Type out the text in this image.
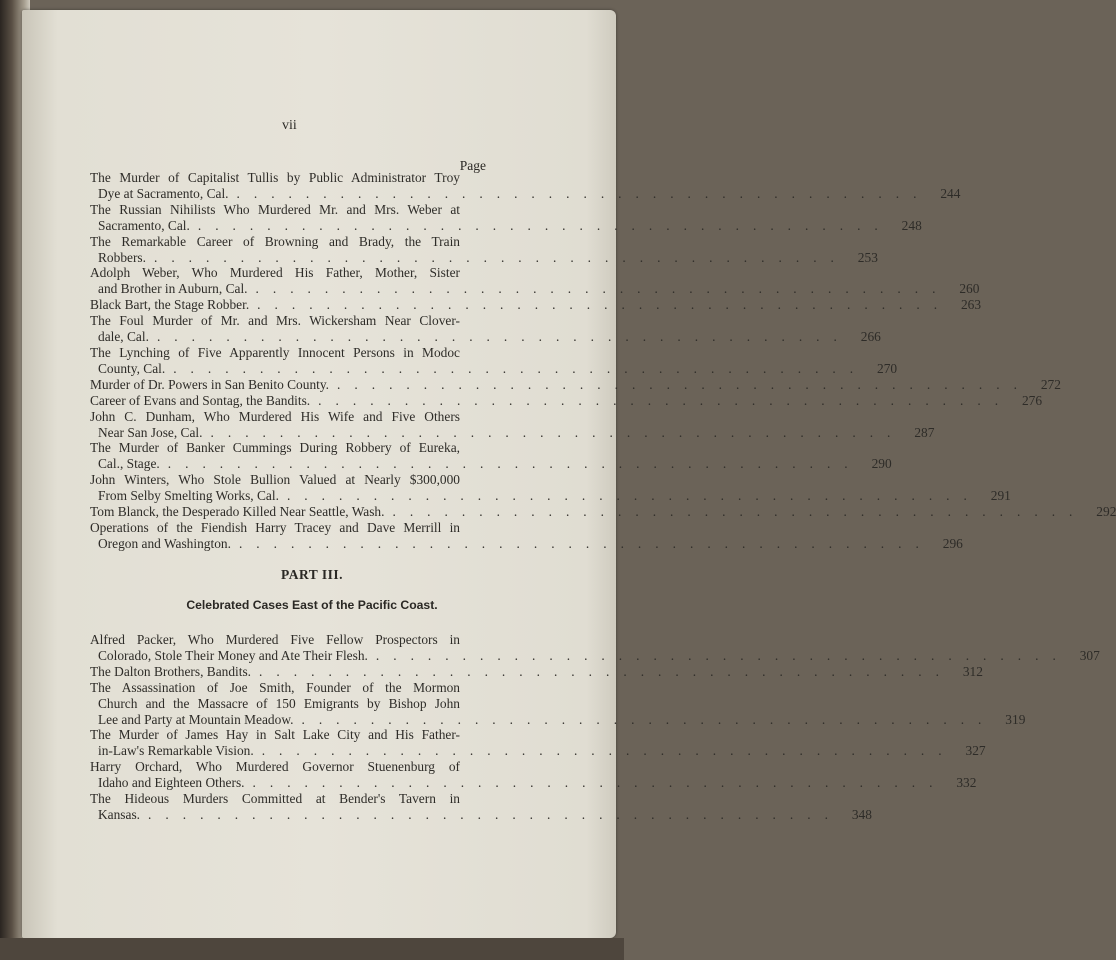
vii
Page
The Murder of Capitalist Tullis by Public Administrator Troy
Dye at Sacramento, Cal. ........................................ 244
The Russian Nihilists Who Murdered Mr. and Mrs. Weber at
Sacramento, Cal. ........................................ 248
The Remarkable Career of Browning and Brady, the Train
Robbers. ........................................ 253
Adolph Weber, Who Murdered His Father, Mother, Sister
and Brother in Auburn, Cal. ........................................ 260
Black Bart, the Stage Robber. ........................................ 263
The Foul Murder of Mr. and Mrs. Wickersham Near Clover-
dale, Cal. ........................................ 266
The Lynching of Five Apparently Innocent Persons in Modoc
County, Cal. ........................................ 270
Murder of Dr. Powers in San Benito County. ........................................ 272
Career of Evans and Sontag, the Bandits. ........................................ 276
John C. Dunham, Who Murdered His Wife and Five Others
Near San Jose, Cal. ........................................ 287
The Murder of Banker Cummings During Robbery of Eureka,
Cal., Stage. ........................................ 290
John Winters, Who Stole Bullion Valued at Nearly $300,000
From Selby Smelting Works, Cal. ........................................ 291
Tom Blanck, the Desperado Killed Near Seattle, Wash. ........................................ 292
Operations of the Fiendish Harry Tracey and Dave Merrill in
Oregon and Washington. ........................................ 296
PART III.
Celebrated Cases East of the Pacific Coast.
Alfred Packer, Who Murdered Five Fellow Prospectors in
Colorado, Stole Their Money and Ate Their Flesh. ........................................ 307
The Dalton Brothers, Bandits. ........................................ 312
The Assassination of Joe Smith, Founder of the Mormon
Church and the Massacre of 150 Emigrants by Bishop John
Lee and Party at Mountain Meadow. ........................................ 319
The Murder of James Hay in Salt Lake City and His Father-
in-Law's Remarkable Vision. ........................................ 327
Harry Orchard, Who Murdered Governor Stuenenburg of
Idaho and Eighteen Others. ........................................ 332
The Hideous Murders Committed at Bender's Tavern in
Kansas. ........................................ 348
